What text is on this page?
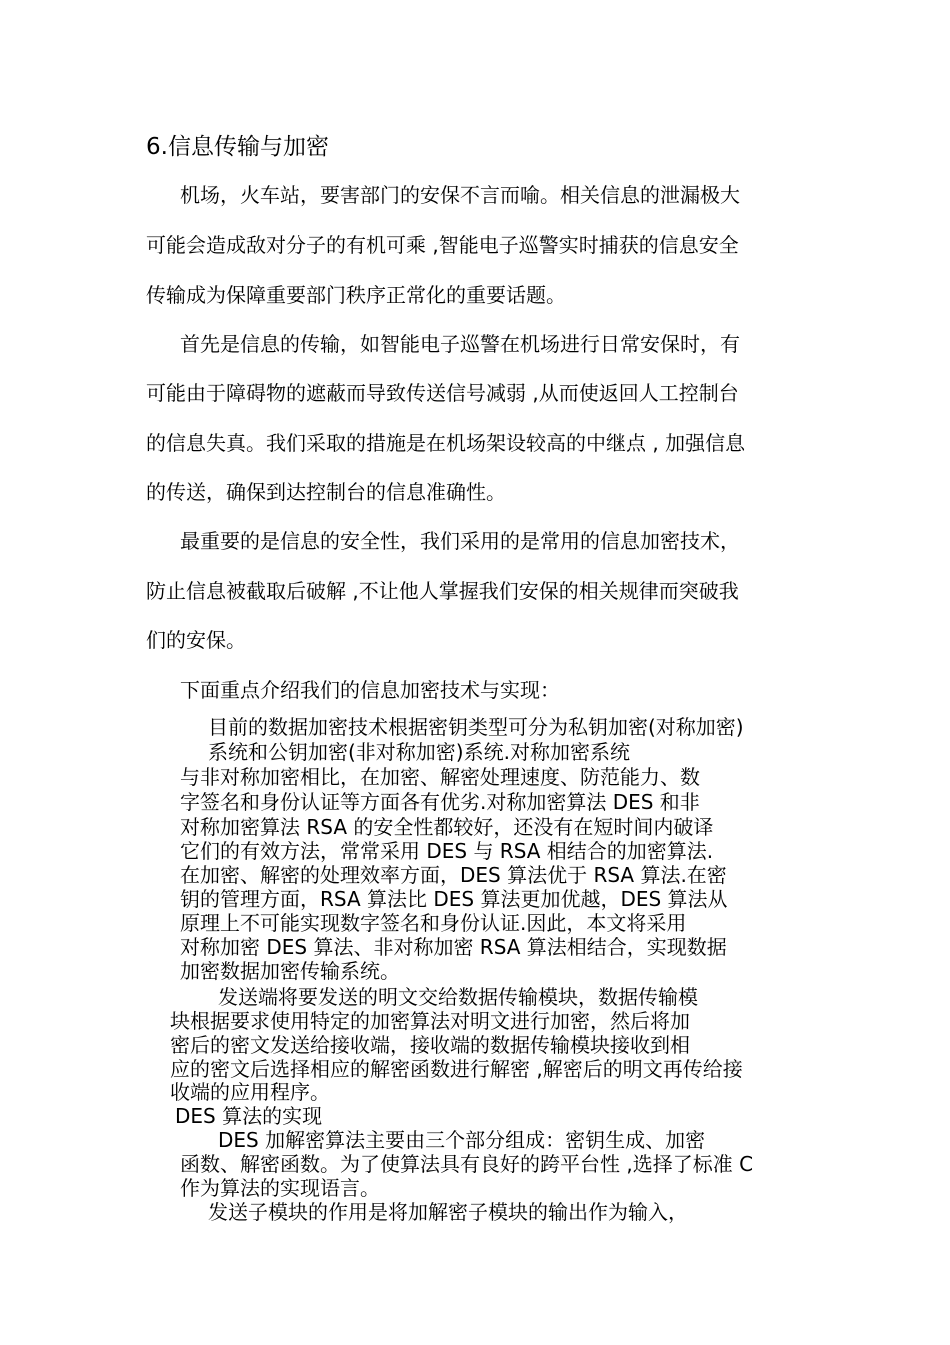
6.信息传输与加密
机场，火车站，要害部门的安保不言而喻。相关信息的泄漏极大
可能会造成敌对分子的有机可乘 ,智能电子巡警实时捕获的信息安全
传输成为保障重要部门秩序正常化的重要话题。
首先是信息的传输，如智能电子巡警在机场进行日常安保时，有
可能由于障碍物的遮蔽而导致传送信号减弱 ,从而使返回人工控制台
的信息失真。我们采取的措施是在机场架设较高的中继点 , 加强信息
的传送，确保到达控制台的信息准确性。
最重要的是信息的安全性，我们采用的是常用的信息加密技术，
防止信息被截取后破解 ,不让他人掌握我们安保的相关规律而突破我
们的安保。
下面重点介绍我们的信息加密技术与实现：
目前的数据加密技术根据密钥类型可分为私钥加密(对称加密)
系统和公钥加密(非对称加密)系统.对称加密系统
与非对称加密相比，在加密、解密处理速度、防范能力、数
字签名和身份认证等方面各有优劣.对称加密算法 DES 和非
对称加密算法 RSA 的安全性都较好，还没有在短时间内破译
它们的有效方法，常常采用 DES 与 RSA 相结合的加密算法.
在加密、解密的处理效率方面，DES 算法优于 RSA 算法.在密
钥的管理方面，RSA 算法比 DES 算法更加优越，DES 算法从
原理上不可能实现数字签名和身份认证.因此，本文将采用
对称加密 DES 算法、非对称加密 RSA 算法相结合，实现数据
加密数据加密传输系统。
发送端将要发送的明文交给数据传输模块，数据传输模
块根据要求使用特定的加密算法对明文进行加密，然后将加
密后的密文发送给接收端，接收端的数据传输模块接收到相
应的密文后选择相应的解密函数进行解密 ,解密后的明文再传给接
收端的应用程序。
DES 算法的实现
DES 加解密算法主要由三个部分组成：密钥生成、加密
函数、解密函数。为了使算法具有良好的跨平台性 ,选择了标准 C
作为算法的实现语言。
发送子模块的作用是将加解密子模块的输出作为输入，
